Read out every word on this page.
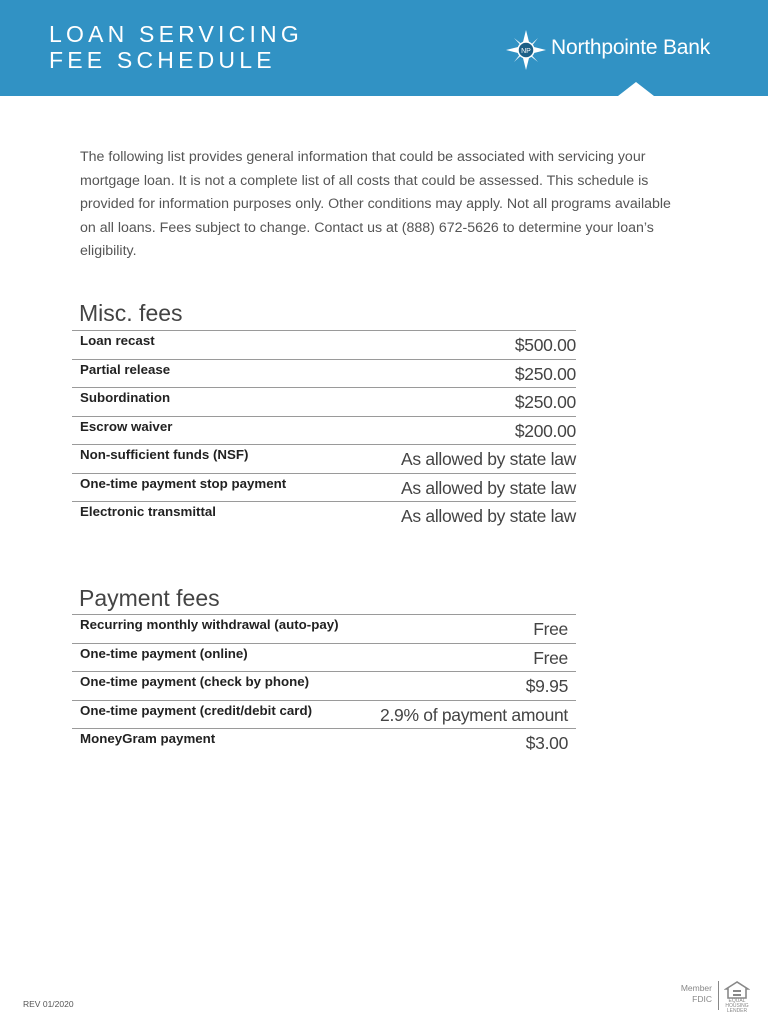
LOAN SERVICING
FEE SCHEDULE	NP Northpointe Bank
The following list provides general information that could be associated with servicing your mortgage loan. It is not a complete list of all costs that could be assessed. This schedule is provided for information purposes only. Other conditions may apply. Not all programs available on all loans. Fees subject to change. Contact us at (888) 672-5626 to determine your loan’s eligibility.
Misc. fees
Loan recast	$500.00
Partial release	$250.00
Subordination	$250.00
Escrow waiver	$200.00
Non-sufficient funds (NSF)	As allowed by state law
One-time payment stop payment	As allowed by state law
Electronic transmittal	As allowed by state law
Payment fees
Recurring monthly withdrawal (auto-pay)	Free
One-time payment (online)	Free
One-time payment (check by phone)	$9.95
One-time payment (credit/debit card)	2.9% of payment amount
MoneyGram payment	$3.00
REV 01/2020
Member
FDIC	EQUAL HOUSING
LENDER
